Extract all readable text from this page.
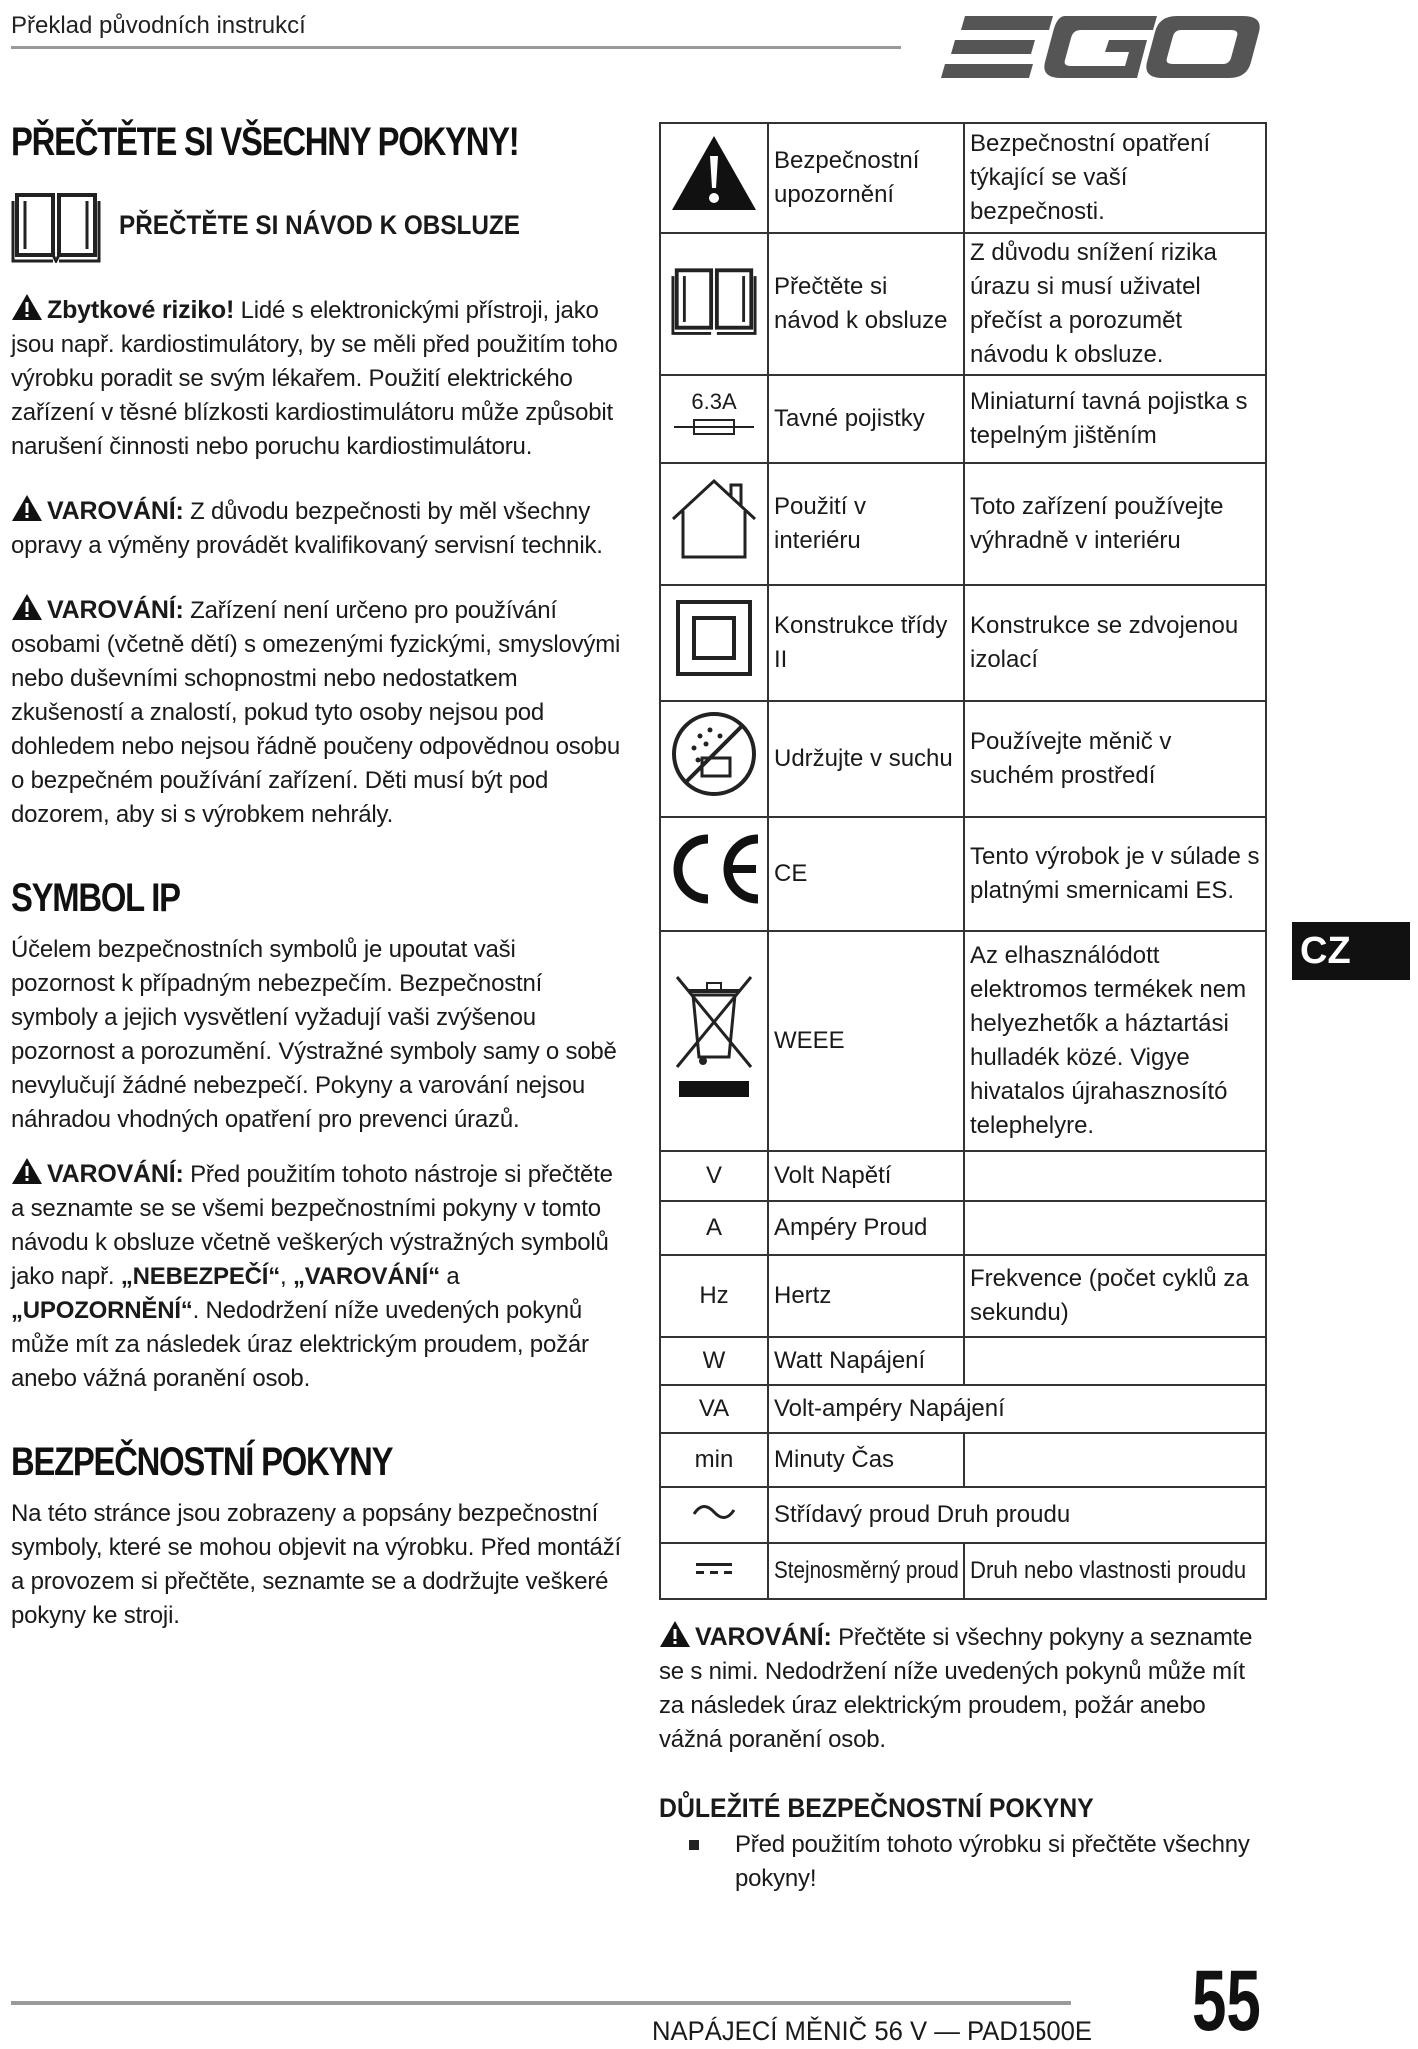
Překlad původních instrukcí
EGO
PŘEČTĚTE SI VŠECHNY POKYNY!
PŘEČTĚTE SI NÁVOD K OBSLUZE

Zbytkové riziko! Lidé s elektronickými přístroji, jako jsou např. kardiostimulátory, by se měli před použitím toho výrobku poradit se svým lékařem. Použití elektrického zařízení v těsné blízkosti kardiostimulátoru může způsobit narušení činnosti nebo poruchu kardiostimulátoru.

VAROVÁNÍ: Z důvodu bezpečnosti by měl všechny opravy a výměny provádět kvalifikovaný servisní technik.

VAROVÁNÍ: Zařízení není určeno pro používání osobami (včetně dětí) s omezenými fyzickými, smyslovými nebo duševními schopnostmi nebo nedostatkem zkušeností a znalostí, pokud tyto osoby nejsou pod dohledem nebo nejsou řádně poučeny odpovědnou osobu o bezpečném používání zařízení. Děti musí být pod dozorem, aby si s výrobkem nehrály.

SYMBOL IP

Účelem bezpečnostních symbolů je upoutat vaši pozornost k případným nebezpečím. Bezpečnostní symboly a jejich vysvětlení vyžadují vaši zvýšenou pozornost a porozumění. Výstražné symboly samy o sobě nevylučují žádné nebezpečí. Pokyny a varování nejsou náhradou vhodných opatření pro prevenci úrazů.

VAROVÁNÍ: Před použitím tohoto nástroje si přečtěte a seznamte se se všemi bezpečnostními pokyny v tomto návodu k obsluze včetně veškerých výstražných symbolů jako např. „NEBEZPEČÍ“, „VAROVÁNÍ“ a „UPOZORNĚNÍ“. Nedodržení níže uvedených pokynů může mít za následek úraz elektrickým proudem, požár anebo vážná poranění osob.

BEZPEČNOSTNÍ POKYNY

Na této stránce jsou zobrazeny a popsány bezpečnostní symboly, které se mohou objevit na výrobku. Před montáží a provozem si přečtěte, seznamte se a dodržujte veškeré pokyny ke stroji.

	Bezpečnostní upozornění	Bezpečnostní opatření týkající se vaší bezpečnosti.
	Přečtěte si návod k obsluze	Z důvodu snížení rizika úrazu si musí uživatel přečíst a porozumět návodu k obsluze.

6.3A	Tavné pojistky	Miniaturní tavná pojistka s tepelným jištěním
	Použití v interiéru	Toto zařízení používejte výhradně v interiéru
	Konstrukce třídy II	Konstrukce se zdvojenou izolací
	Udržujte v suchu	Používejte měnič v suchém prostředí
	CE	Tento výrobok je v súlade s platnými smernicami ES.
	WEEE	Az elhasználódott elektromos termékek nem helyezhetők a háztartási hulladék közé. Vigye hivatalos újrahasznosító telephelyre.
V	Volt Napětí	
A	Ampéry Proud	
Hz	Hertz	Frekvence (počet cyklů za sekundu)
W	Watt Napájení	
VA	Volt-ampéry Napájení	
min	Minuty Čas	
	Střídavý proud Druh proudu	
	Stejnosměrný proud	Druh nebo vlastnosti proudu
CZ

VAROVÁNÍ: Přečtěte si všechny pokyny a seznamte se s nimi. Nedodržení níže uvedených pokynů může mít za následek úraz elektrickým proudem, požár anebo vážná poranění osob.

DŮLEŽITÉ BEZPEČNOSTNÍ POKYNY
Před použitím tohoto výrobku si přečtěte všechny pokyny!
NAPÁJECÍ MĚNIČ 56 V — PAD1500E 55
